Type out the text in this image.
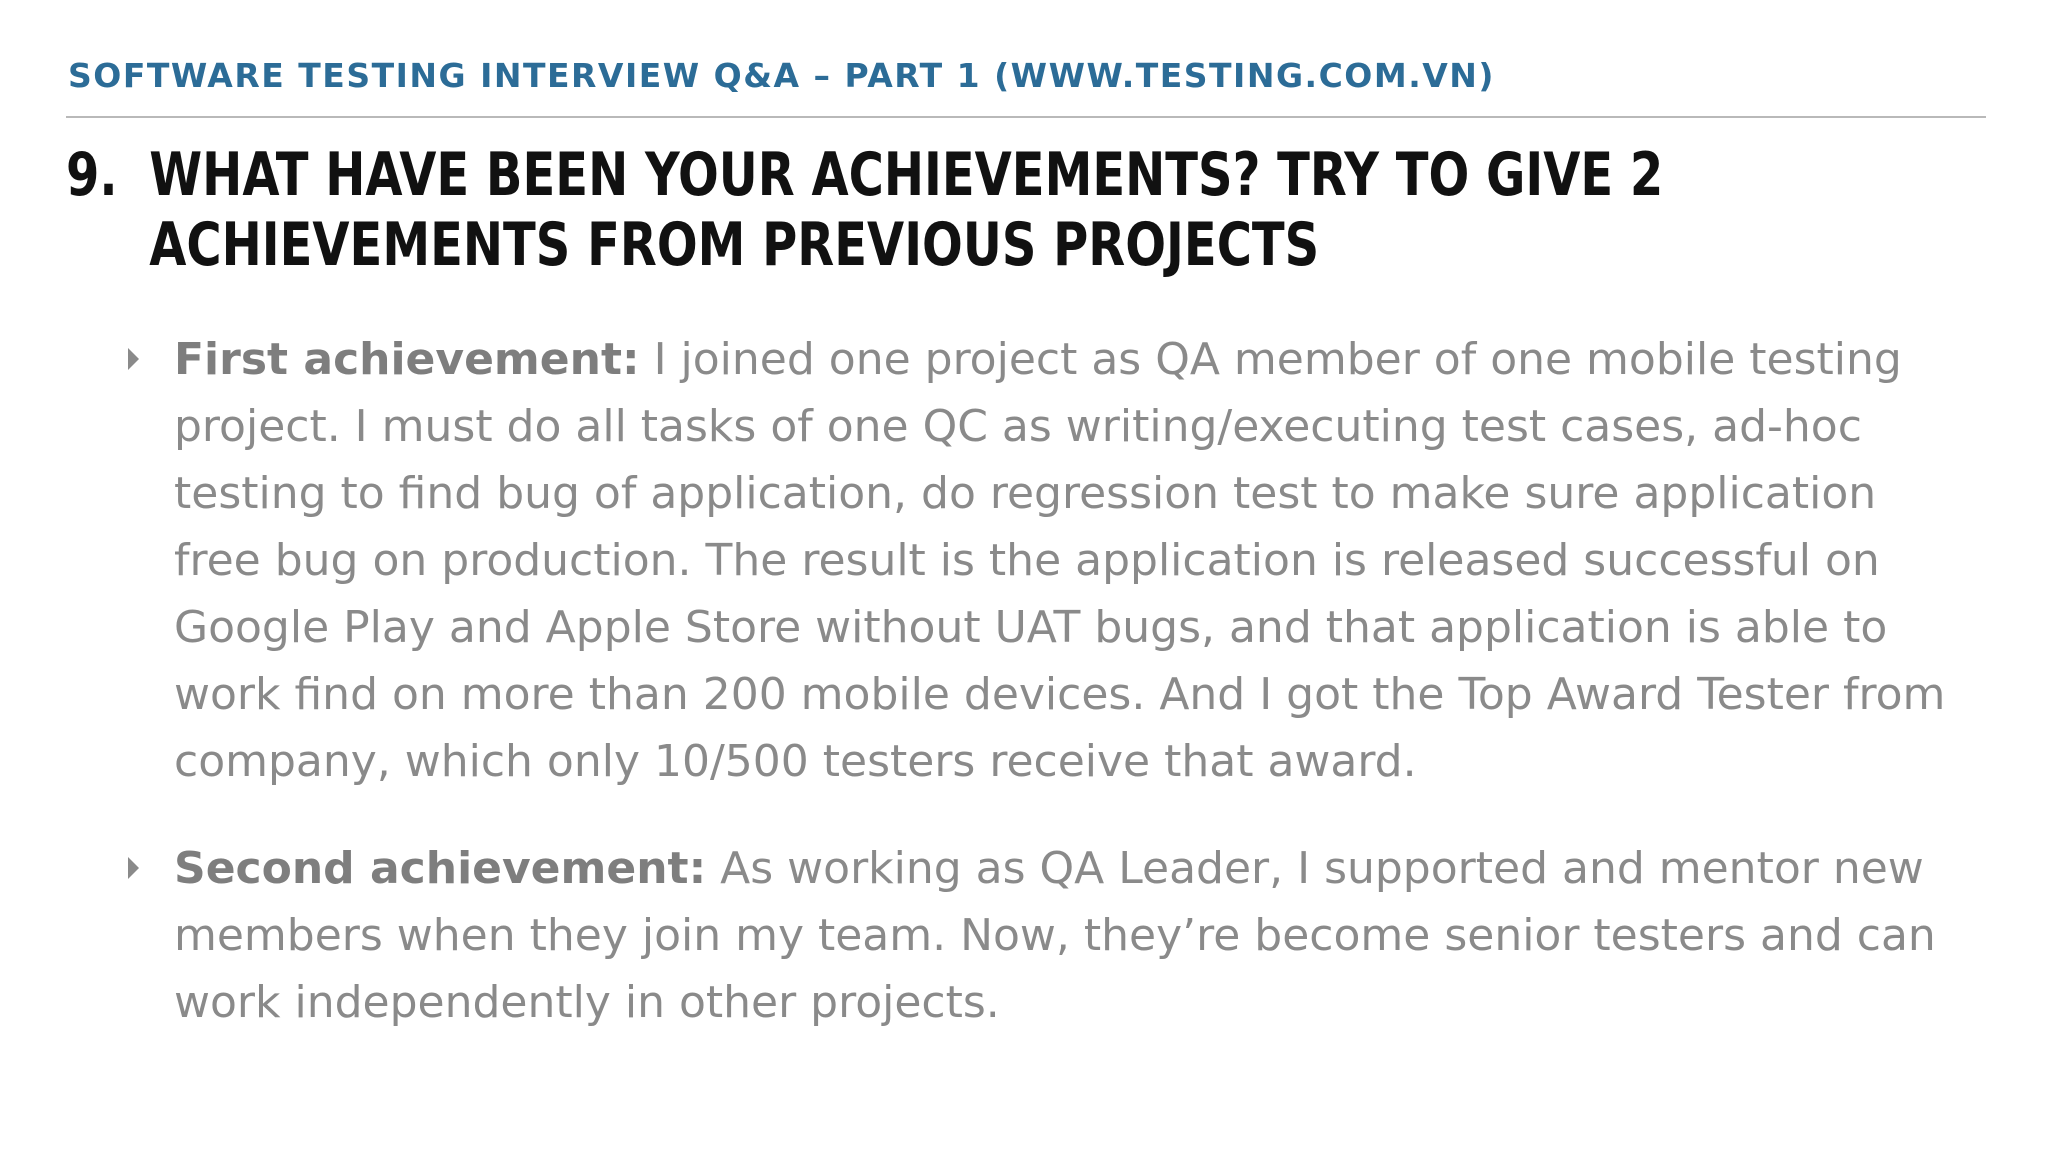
SOFTWARE TESTING INTERVIEW Q&A – PART 1 (WWW.TESTING.COM.VN)
9. WHAT HAVE BEEN YOUR ACHIEVEMENTS? TRY TO GIVE 2 ACHIEVEMENTS FROM PREVIOUS PROJECTS
First achievement: I joined one project as QA member of one mobile testing project. I must do all tasks of one QC as writing/executing test cases, ad-hoc testing to find bug of application, do regression test to make sure application free bug on production. The result is the application is released successful on Google Play and Apple Store without UAT bugs, and that application is able to work find on more than 200 mobile devices. And I got the Top Award Tester from company, which only 10/500 testers receive that award.
Second achievement: As working as QA Leader, I supported and mentor new members when they join my team. Now, they’re become senior testers and can work independently in other projects.
